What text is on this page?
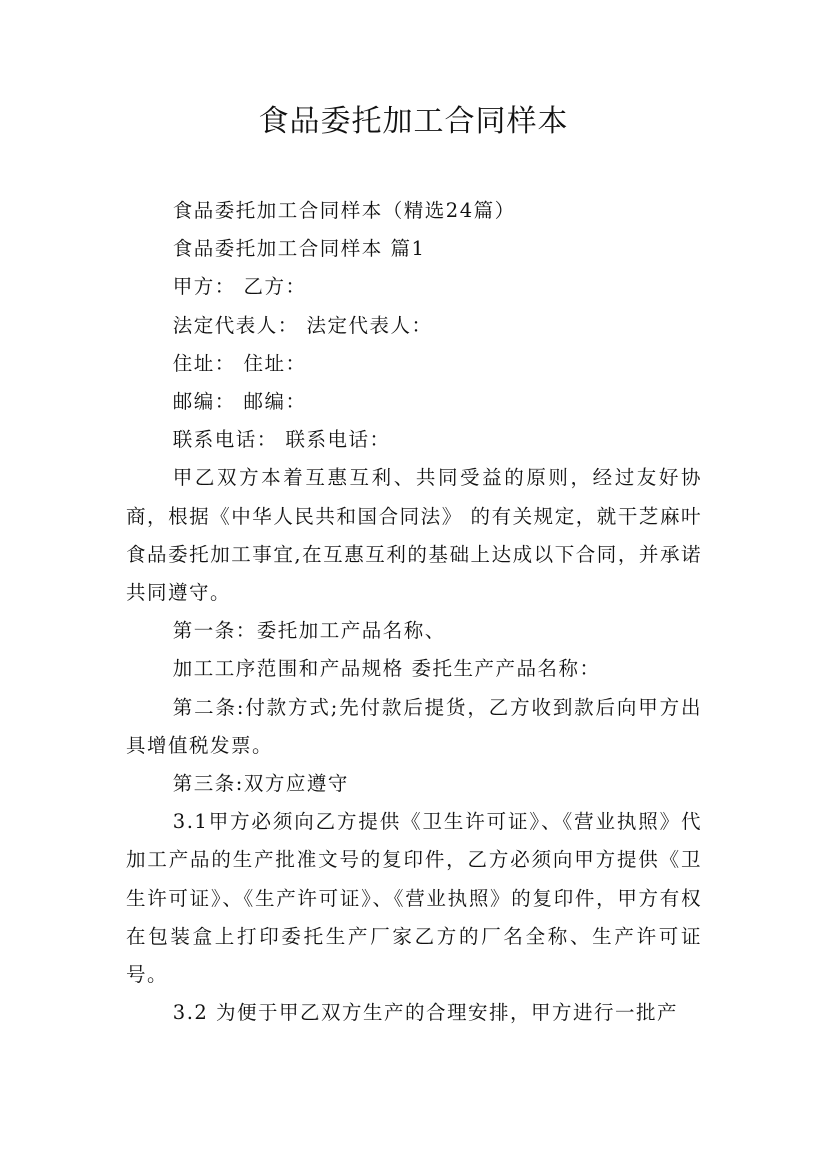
食品委托加工合同样本

食品委托加工合同样本（精选24篇）

食品委托加工合同样本 篇1

甲方： 乙方：

法定代表人： 法定代表人：

住址： 住址：

邮编： 邮编：

联系电话： 联系电话：

甲乙双方本着互惠互利、共同受益的原则，经过友好协商，根据《中华人民共和国合同法》 的有关规定，就干芝麻叶食品委托加工事宜,在互惠互利的基础上达成以下合同，并承诺共同遵守。

第一条：委托加工产品名称、

加工工序范围和产品规格 委托生产产品名称：

第二条:付款方式;先付款后提货，乙方收到款后向甲方出具增值税发票。

第三条:双方应遵守

3.1甲方必须向乙方提供《卫生许可证》、《营业执照》代加工产品的生产批准文号的复印件，乙方必须向甲方提供《卫生许可证》、《生产许可证》、《营业执照》的复印件，甲方有权在包装盒上打印委托生产厂家乙方的厂名全称、生产许可证号。

3.2 为便于甲乙双方生产的合理安排，甲方进行一批产
